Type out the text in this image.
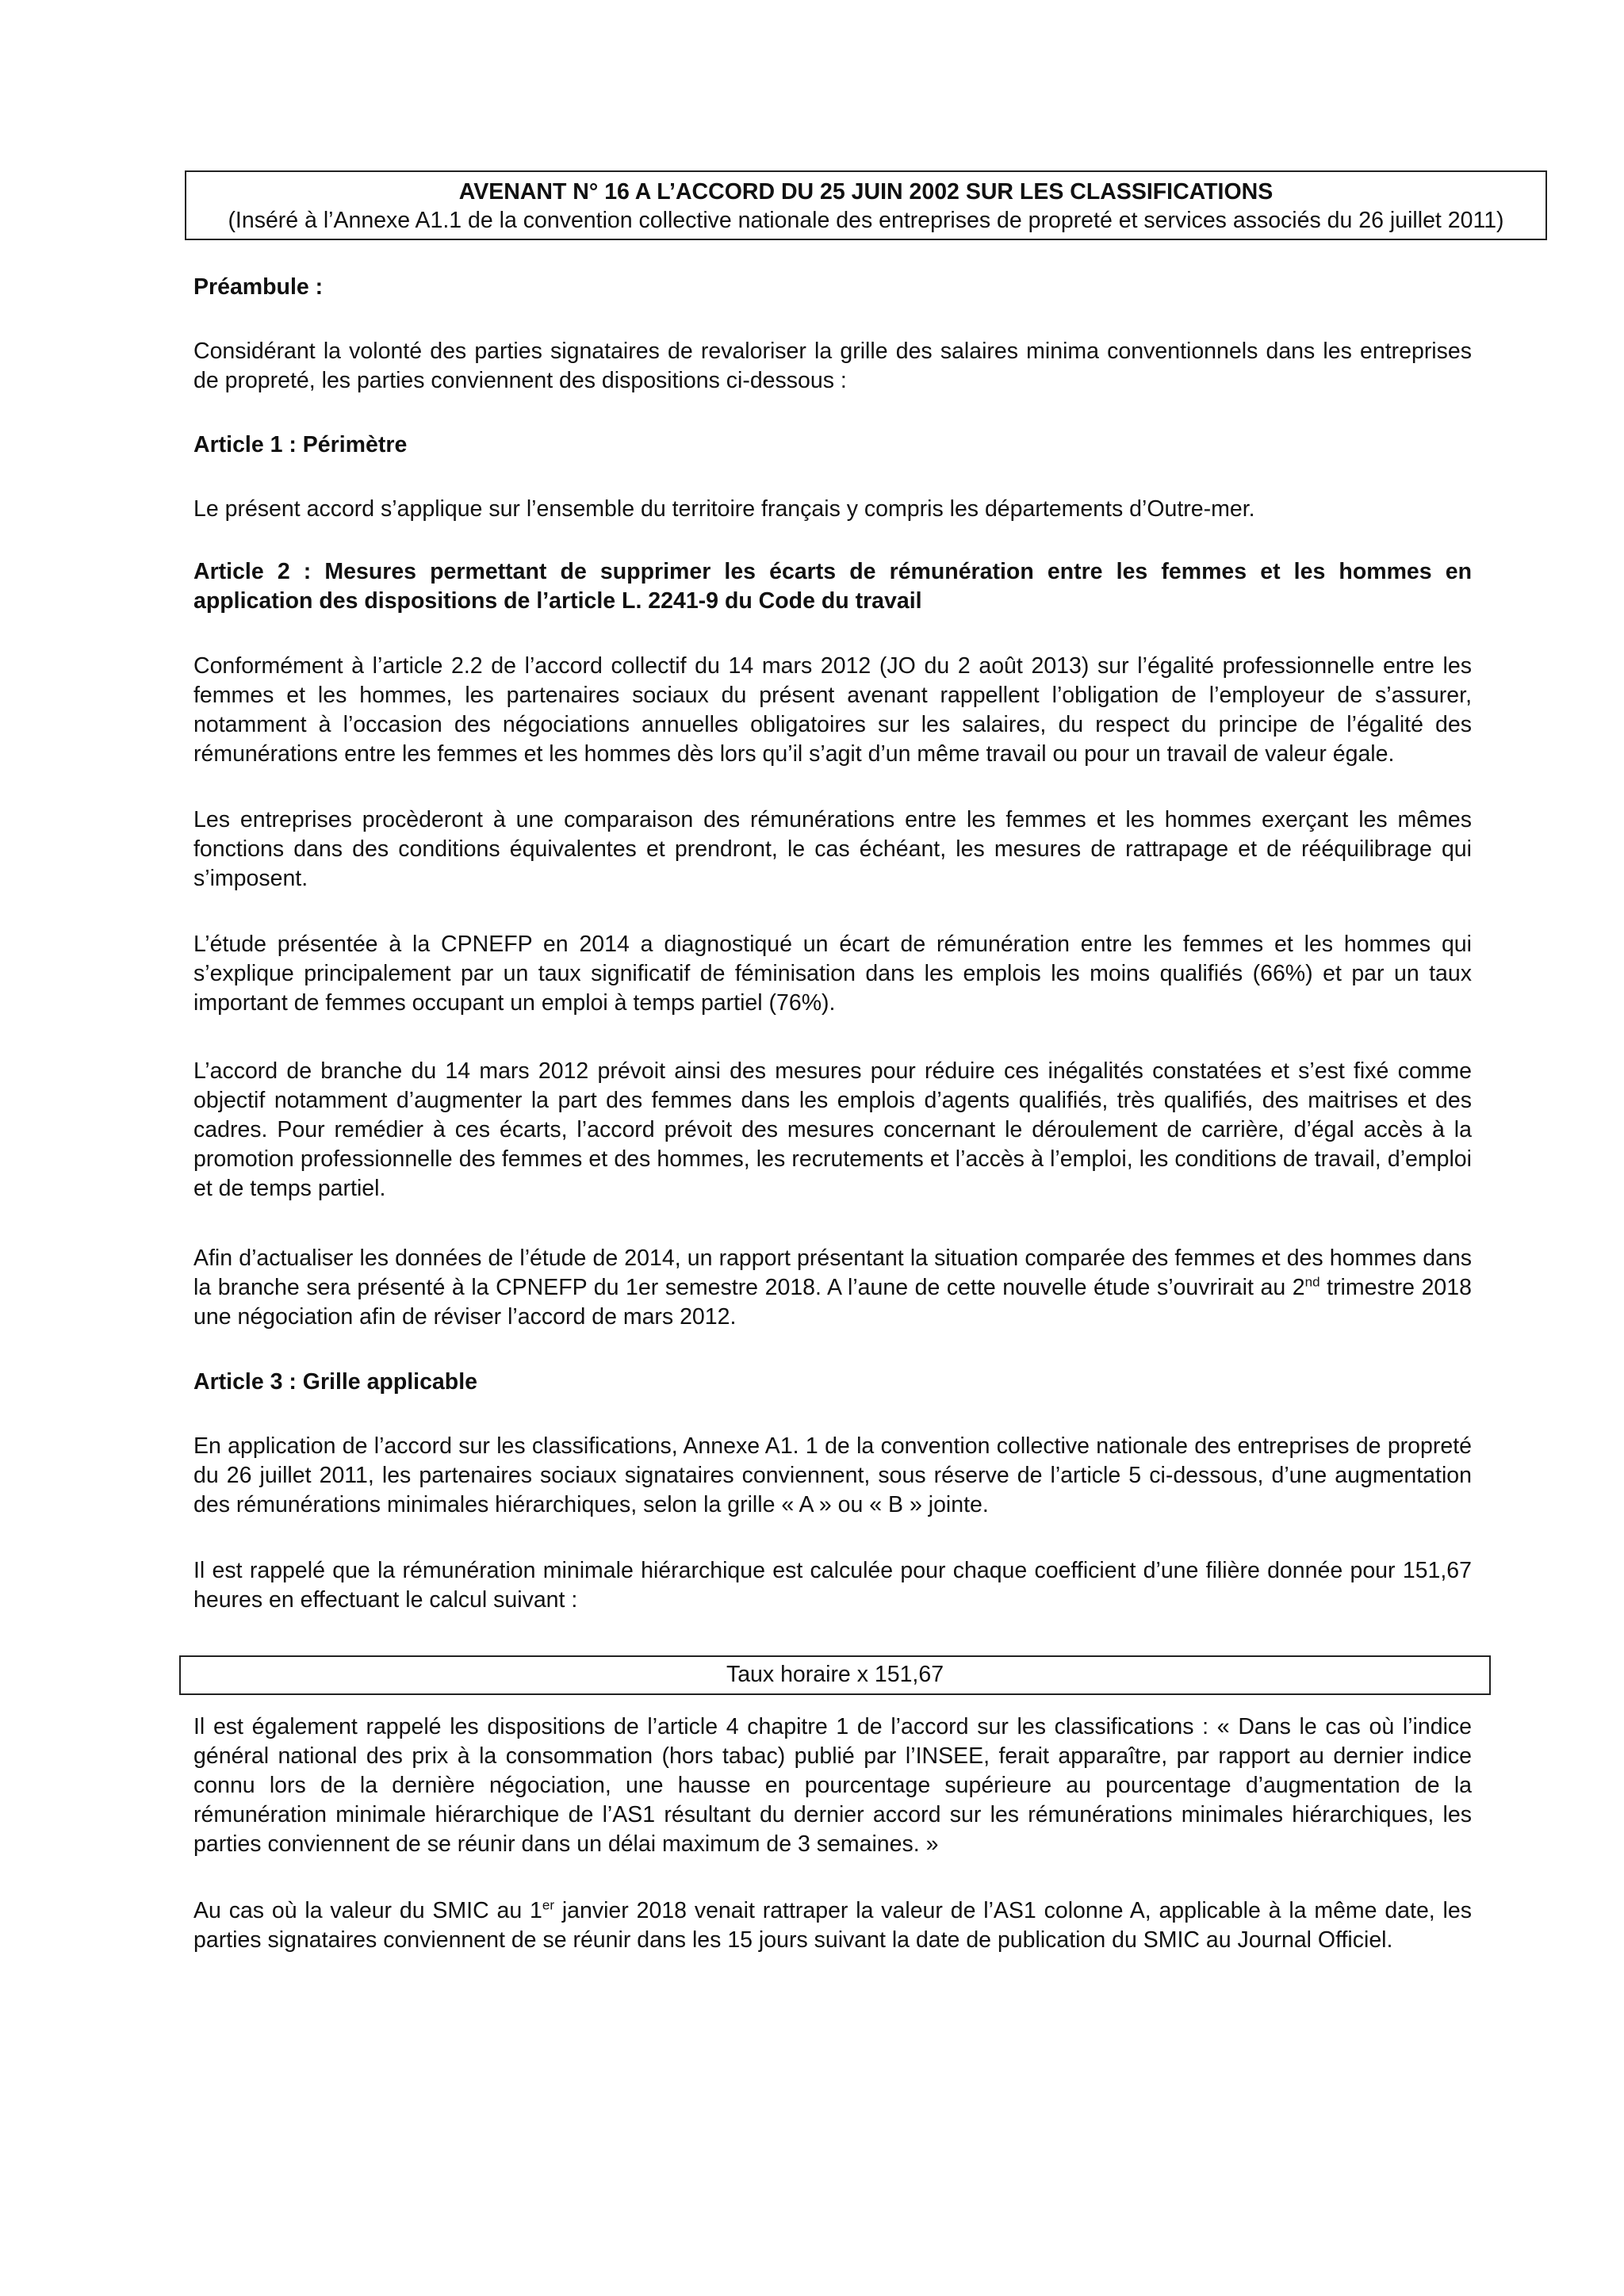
AVENANT N° 16 A L’ACCORD DU 25 JUIN 2002 SUR LES CLASSIFICATIONS
(Inséré à l’Annexe A1.1 de la convention collective nationale des entreprises de propreté et services associés du 26 juillet 2011)
Préambule :
Considérant la volonté des parties signataires de revaloriser la grille des salaires minima conventionnels dans les entreprises de propreté, les parties conviennent des dispositions ci-dessous :
Article 1 : Périmètre
Le présent accord s’applique sur l’ensemble du territoire français y compris les départements d’Outre-mer.
Article 2 : Mesures permettant de supprimer les écarts de rémunération entre les femmes et les hommes en application des dispositions de l’article L. 2241-9 du Code du travail
Conformément à l’article 2.2 de l’accord collectif du 14 mars 2012 (JO du 2 août 2013) sur l’égalité professionnelle entre les femmes et les hommes, les partenaires sociaux du présent avenant rappellent l’obligation de l’employeur de s’assurer, notamment à l’occasion des négociations annuelles obligatoires sur les salaires, du respect du principe de l’égalité des rémunérations entre les femmes et les hommes dès lors qu’il s’agit d’un même travail ou pour un travail de valeur égale.
Les entreprises procèderont à une comparaison des rémunérations entre les femmes et les hommes exerçant les mêmes fonctions dans des conditions équivalentes et prendront, le cas échéant, les mesures de rattrapage et de rééquilibrage qui s’imposent.
L’étude présentée à la CPNEFP en 2014 a diagnostiqué un écart de rémunération entre les femmes et les hommes qui s’explique principalement par un taux significatif de féminisation dans les emplois les moins qualifiés (66%) et par un taux important de femmes occupant un emploi à temps partiel (76%).
L’accord de branche du 14 mars 2012 prévoit ainsi des mesures pour réduire ces inégalités constatées et s’est fixé comme objectif notamment d’augmenter la part des femmes dans les emplois d’agents qualifiés, très qualifiés, des maitrises et des cadres. Pour remédier à ces écarts, l’accord prévoit des mesures concernant le déroulement de carrière, d’égal accès à la promotion professionnelle des femmes et des hommes, les recrutements et l’accès à l’emploi, les conditions de travail, d’emploi et de temps partiel.
Afin d’actualiser les données de l’étude de 2014, un rapport présentant la situation comparée des femmes et des hommes dans la branche sera présenté à la CPNEFP du 1er semestre 2018. A l’aune de cette nouvelle étude s’ouvrirait au 2nd trimestre 2018 une négociation afin de réviser l’accord de mars 2012.
Article 3 : Grille applicable
En application de l’accord sur les classifications, Annexe A1. 1 de la convention collective nationale des entreprises de propreté du 26 juillet 2011, les partenaires sociaux signataires conviennent, sous réserve de l’article 5 ci-dessous, d’une augmentation des rémunérations minimales hiérarchiques, selon la grille « A » ou « B » jointe.
Il est rappelé que la rémunération minimale hiérarchique est calculée pour chaque coefficient d’une filière donnée pour 151,67 heures en effectuant le calcul suivant :
Taux horaire x 151,67
Il est également rappelé les dispositions de l’article 4 chapitre 1 de l’accord sur les classifications : « Dans le cas où l’indice général national des prix à la consommation (hors tabac) publié par l’INSEE, ferait apparaître, par rapport au dernier indice connu lors de la dernière négociation, une hausse en pourcentage supérieure au pourcentage d’augmentation de la rémunération minimale hiérarchique de l’AS1 résultant du dernier accord sur les rémunérations minimales hiérarchiques, les parties conviennent de se réunir dans un délai maximum de 3 semaines. »
Au cas où la valeur du SMIC au 1er janvier 2018 venait rattraper la valeur de l’AS1 colonne A, applicable à la même date, les parties signataires conviennent de se réunir dans les 15 jours suivant la date de publication du SMIC au Journal Officiel.
